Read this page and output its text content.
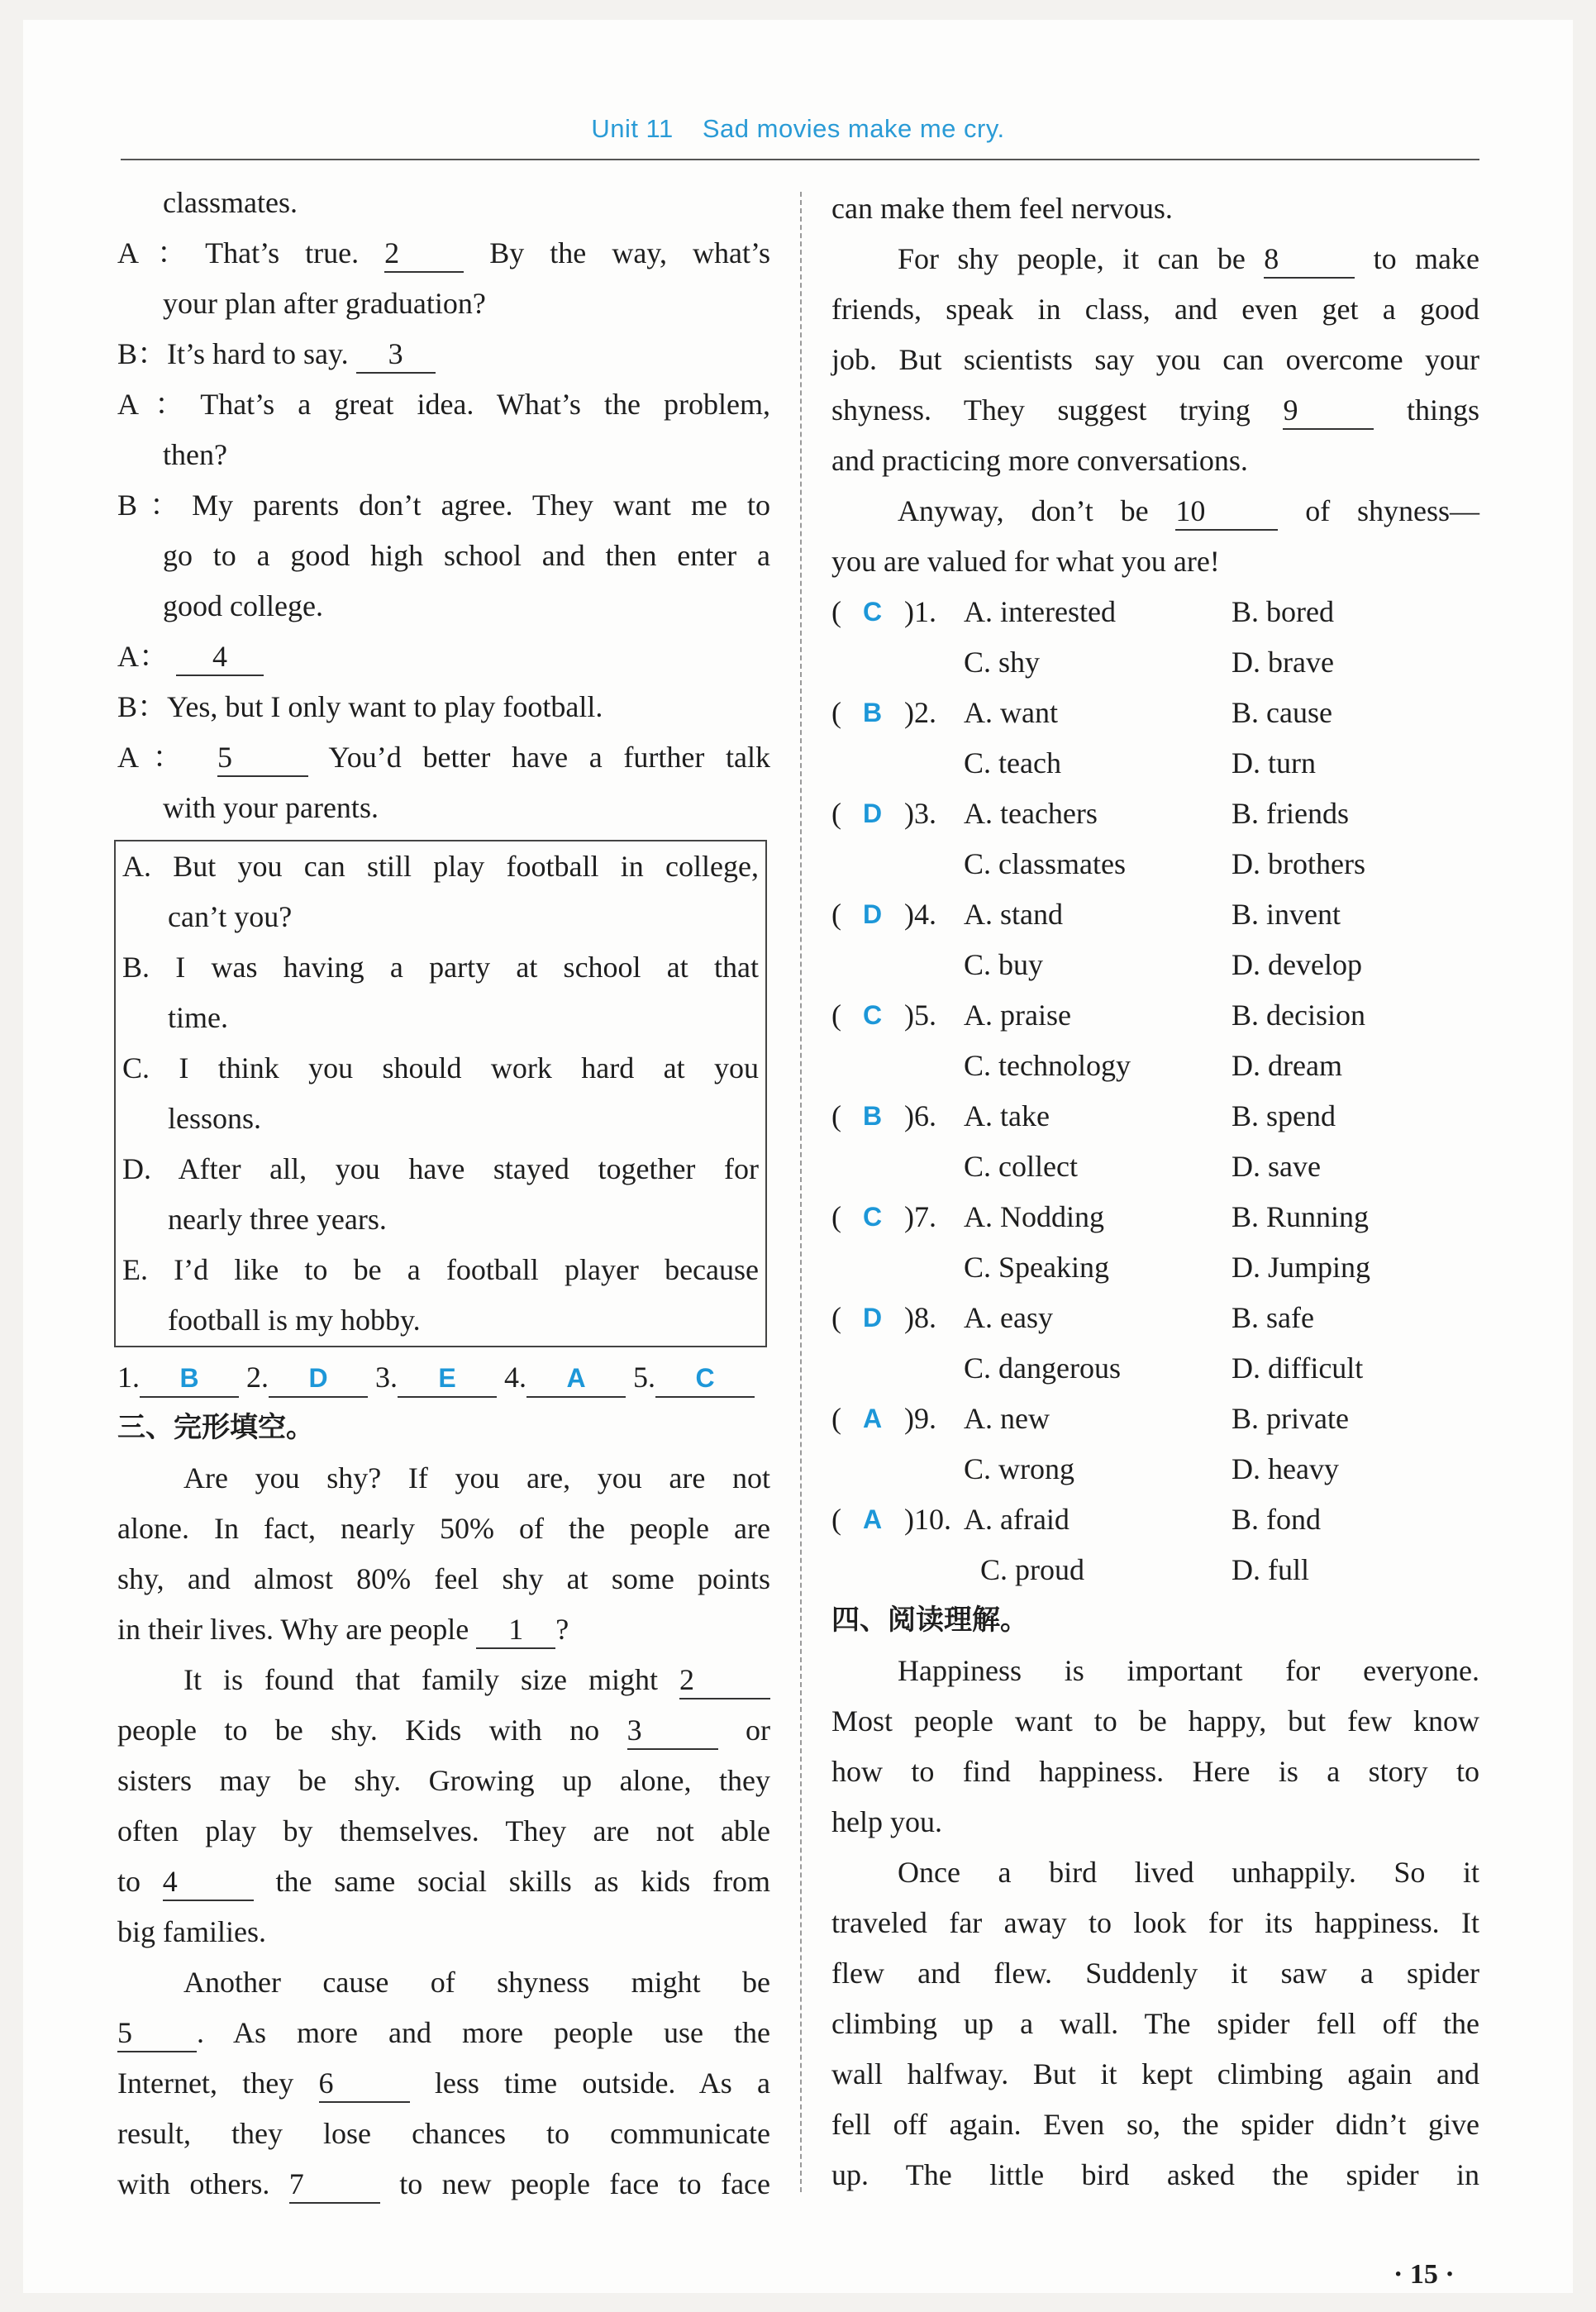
Unit 11 Sad movies make me cry.
classmates.
A：That’s true. 2	By the way, what’s
your plan after graduation?
B：It’s hard to say. 3
A：That’s a great idea. What’s the problem,
then?
B：My parents don’t agree. They want me to
go to a good high school and then enter a
good college.
A： 4
B：Yes, but I only want to play football.
A： 5	You’d better have a further talk
with your parents.
A. But you can still play football in college,
can’t you?
B. I was having a party at school at that
time.
C. I think you should work hard at you
lessons.
D. After all, you have stayed together for
nearly three years.
E. I’d like to be a football player because
football is my hobby.
1. B 2. D 3. E 4. A 5. C
三、完形填空。
Are you shy? If you are, you are not
alone. In fact, nearly 50% of the people are
shy, and almost 80% feel shy at some points
in their lives. Why are people 1 ?
It is found that family size might 2
people to be shy. Kids with no 3	or
sisters may be shy. Growing up alone, they
often play by themselves. They are not able
to 4	the same social skills as kids from
big families.
Another cause of shyness might be
5 . As more and more people use the
Internet, they 6	less time outside. As a
result, they lose chances to communicate
with others. 7	to new people face to face
can make them feel nervous.
For shy people, it can be 8	to make
friends, speak in class, and even get a good
job. But scientists say you can overcome your
shyness. They suggest trying 9	things
and practicing more conversations.
Anyway, don’t be 10	of shyness—
you are valued for what you are!
( C )1. A. interested	B. bored
C. shy	D. brave
( B )2. A. want	B. cause
C. teach	D. turn
( D )3. A. teachers	B. friends
C. classmates	D. brothers
( D )4. A. stand	B. invent
C. buy	D. develop
( C )5. A. praise	B. decision
C. technology	D. dream
( B )6. A. take	B. spend
C. collect	D. save
( C )7. A. Nodding	B. Running
C. Speaking	D. Jumping
( D )8. A. easy	B. safe
C. dangerous	D. difficult
( A )9. A. new	B. private
C. wrong	D. heavy
( A )10. A. afraid	B. fond
C. proud	D. full
四、阅读理解。
Happiness is important for everyone.
Most people want to be happy, but few know
how to find happiness. Here is a story to
help you.
Once a bird lived unhappily. So it
traveled far away to look for its happiness. It
flew and flew. Suddenly it saw a spider
climbing up a wall. The spider fell off the
wall halfway. But it kept climbing again and
fell off again. Even so, the spider didn’t give
up. The little bird asked the spider in
· 15 ·
